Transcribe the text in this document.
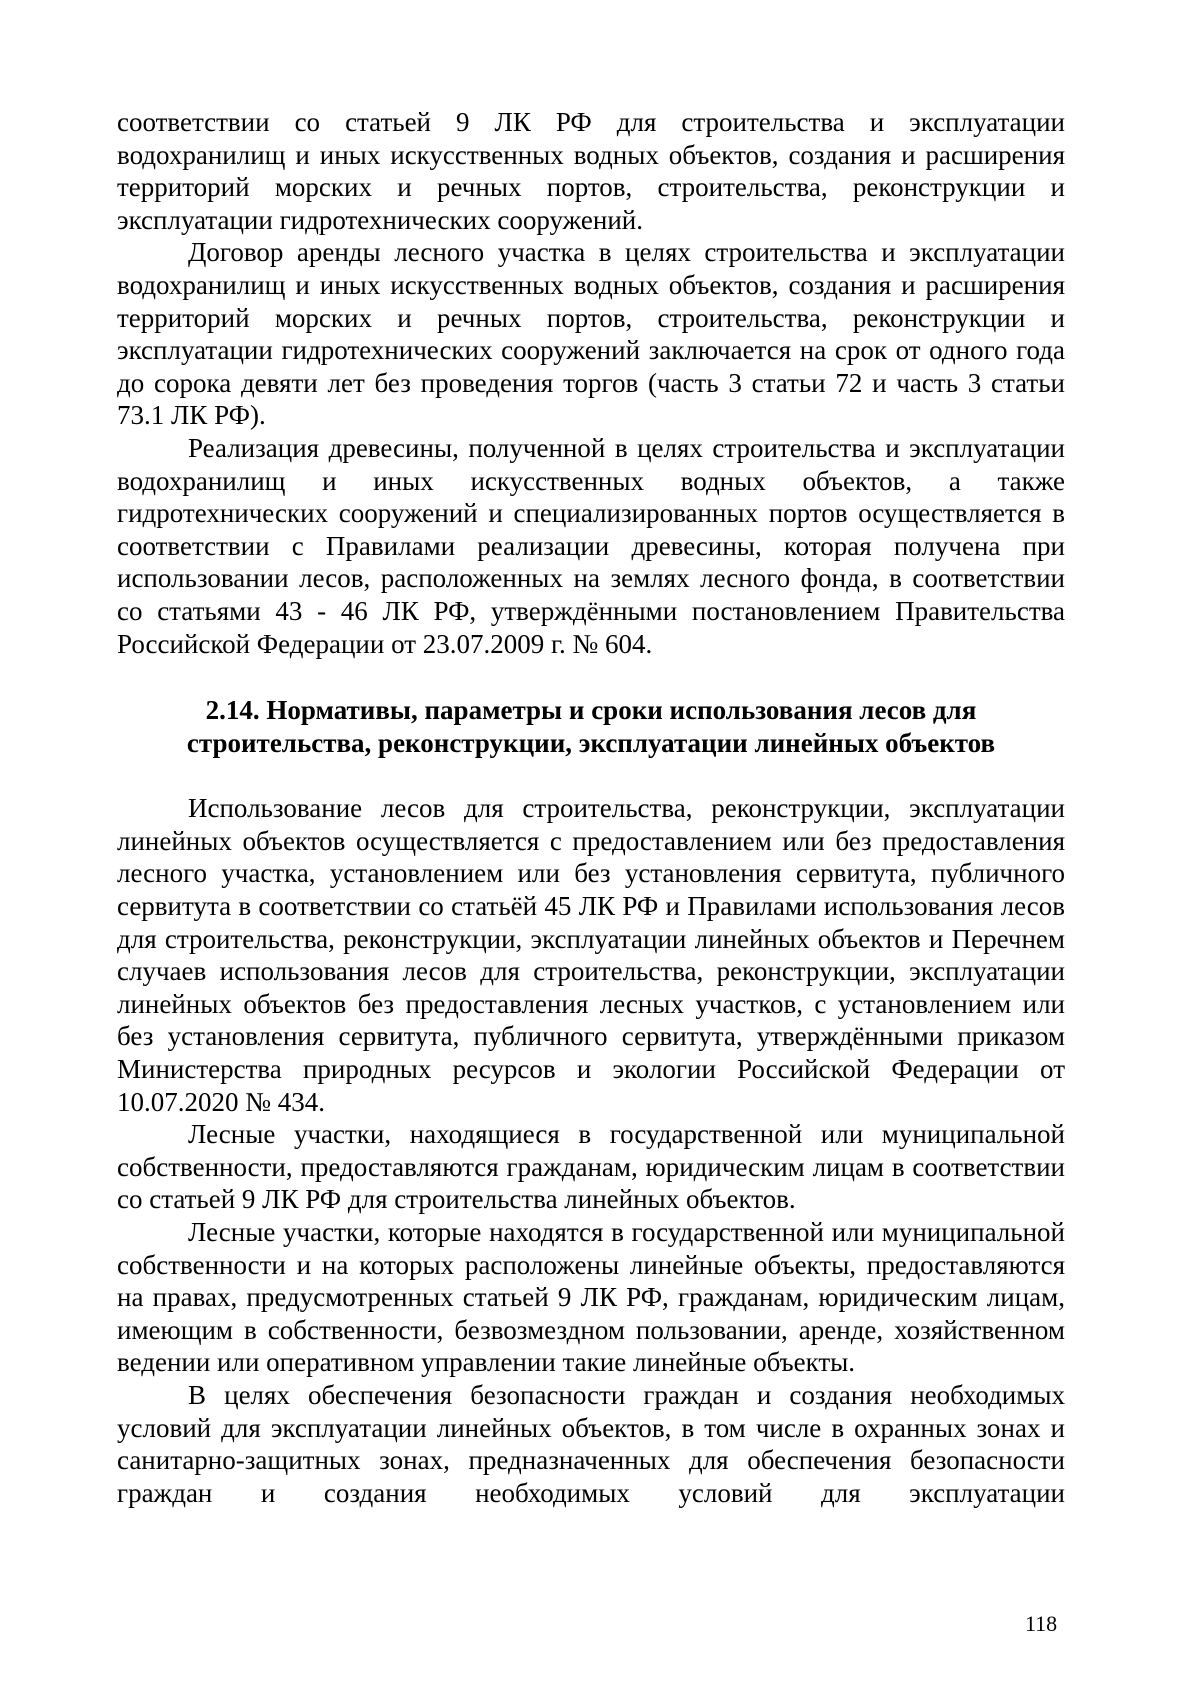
соответствии со статьей 9 ЛК РФ для строительства и эксплуатации водохранилищ и иных искусственных водных объектов, создания и расширения территорий морских и речных портов, строительства, реконструкции и эксплуатации гидротехнических сооружений.

Договор аренды лесного участка в целях строительства и эксплуатации водохранилищ и иных искусственных водных объектов, создания и расширения территорий морских и речных портов, строительства, реконструкции и эксплуатации гидротехнических сооружений заключается на срок от одного года до сорока девяти лет без проведения торгов (часть 3 статьи 72 и часть 3 статьи 73.1 ЛК РФ).

Реализация древесины, полученной в целях строительства и эксплуатации водохранилищ и иных искусственных водных объектов, а также гидротехнических сооружений и специализированных портов осуществляется в соответствии с Правилами реализации древесины, которая получена при использовании лесов, расположенных на землях лесного фонда, в соответствии со статьями 43 - 46 ЛК РФ, утверждёнными постановлением Правительства Российской Федерации от 23.07.2009 г. № 604.

2.14. Нормативы, параметры и сроки использования лесов для
строительства, реконструкции, эксплуатации линейных объектов

Использование лесов для строительства, реконструкции, эксплуатации линейных объектов осуществляется с предоставлением или без предоставления лесного участка, установлением или без установления сервитута, публичного сервитута в соответствии со статьёй 45 ЛК РФ и Правилами использования лесов для строительства, реконструкции, эксплуатации линейных объектов и Перечнем случаев использования лесов для строительства, реконструкции, эксплуатации линейных объектов без предоставления лесных участков, с установлением или без установления сервитута, публичного сервитута, утверждёнными приказом Министерства природных ресурсов и экологии Российской Федерации от 10.07.2020 № 434.

Лесные участки, находящиеся в государственной или муниципальной собственности, предоставляются гражданам, юридическим лицам в соответствии со статьей 9 ЛК РФ для строительства линейных объектов.

Лесные участки, которые находятся в государственной или муниципальной собственности и на которых расположены линейные объекты, предоставляются на правах, предусмотренных статьей 9 ЛК РФ, гражданам, юридическим лицам, имеющим в собственности, безвозмездном пользовании, аренде, хозяйственном ведении или оперативном управлении такие линейные объекты.

В целях обеспечения безопасности граждан и создания необходимых условий для эксплуатации линейных объектов, в том числе в охранных зонах и санитарно-защитных зонах, предназначенных для обеспечения безопасности граждан и создания необходимых условий для эксплуатации

118
